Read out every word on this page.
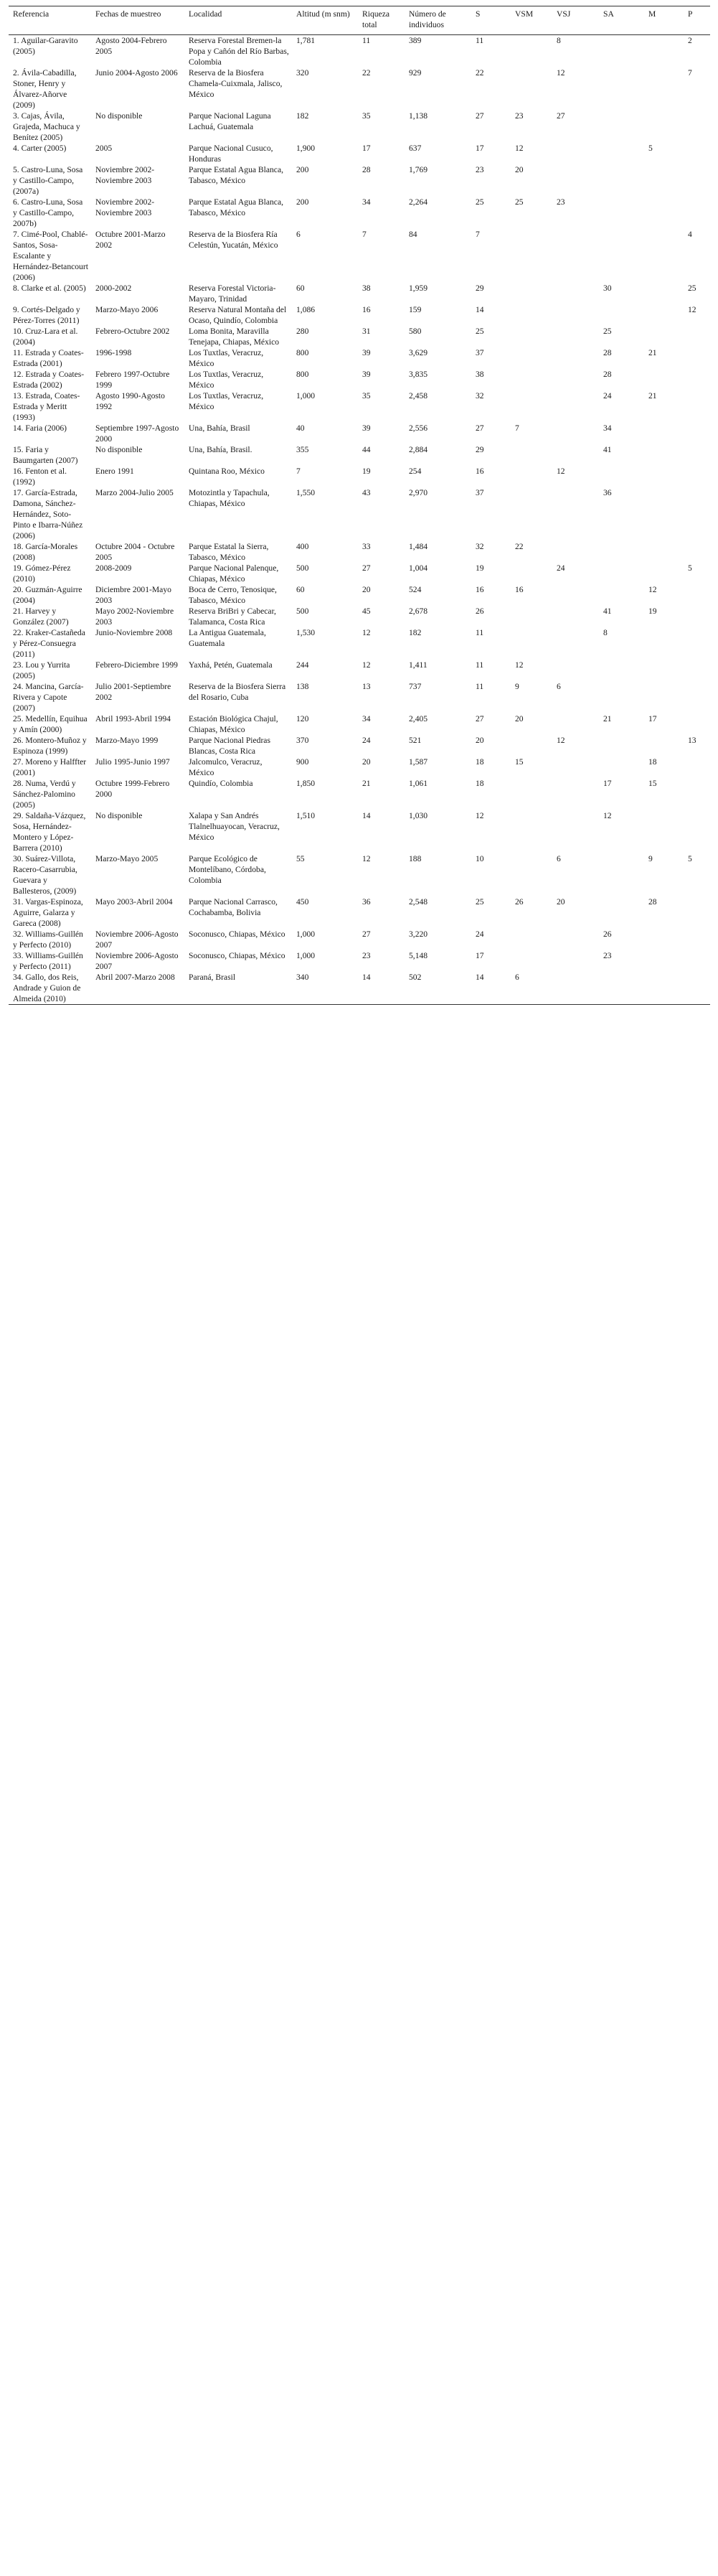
Referencia	Fechas de muestreo	Localidad	Altitud (m snm)	Riqueza total	Número de individuos	S	VSM	VSJ	SA	M	P
1. Aguilar-Garavito (2005)	Agosto 2004-Febrero 2005	Reserva Forestal Bremen-la Popa y Cañón del Río Barbas, Colombia	1,781	11	389	11		8			2
2. Ávila-Cabadilla, Stoner, Henry y Álvarez-Añorve (2009)	Junio 2004-Agosto 2006	Reserva de la Biosfera Chamela-Cuixmala, Jalisco, México	320	22	929	22		12			7
3. Cajas, Ávila, Grajeda, Machuca y Benítez (2005)	No disponible	Parque Nacional Laguna Lachuá, Guatemala	182	35	1,138	27	23	27			
4. Carter (2005)	2005	Parque Nacional Cusuco, Honduras	1,900	17	637	17	12			5	
5. Castro-Luna, Sosa y Castillo-Campo, (2007a)	Noviembre 2002-Noviembre 2003	Parque Estatal Agua Blanca, Tabasco, México	200	28	1,769	23	20				
6. Castro-Luna, Sosa y Castillo-Campo, 2007b)	Noviembre 2002-Noviembre 2003	Parque Estatal Agua Blanca, Tabasco, México	200	34	2,264	25	25	23			
7. Cimé-Pool, Chablé-Santos, Sosa-Escalante y Hernández-Betancourt (2006)	Octubre 2001-Marzo 2002	Reserva de la Biosfera Ría Celestún, Yucatán, México	6	7	84	7					4
8. Clarke et al. (2005)	2000-2002	Reserva Forestal Victoria-Mayaro, Trinidad	60	38	1,959	29			30		25
9. Cortés-Delgado y Pérez-Torres (2011)	Marzo-Mayo 2006	Reserva Natural Montaña del Ocaso, Quindío, Colombia	1,086	16	159	14					12
10. Cruz-Lara et al. (2004)	Febrero-Octubre 2002	Loma Bonita, Maravilla Tenejapa, Chiapas, México	280	31	580	25			25		
11. Estrada y Coates-Estrada (2001)	1996-1998	Los Tuxtlas, Veracruz, México	800	39	3,629	37			28	21	
12. Estrada y Coates-Estrada (2002)	Febrero 1997-Octubre 1999	Los Tuxtlas, Veracruz, México	800	39	3,835	38			28		
13. Estrada, Coates-Estrada y Meritt (1993)	Agosto 1990-Agosto 1992	Los Tuxtlas, Veracruz, México	1,000	35	2,458	32			24	21	
14. Faria (2006)	Septiembre 1997-Agosto 2000	Una, Bahía, Brasil	40	39	2,556	27	7		34		
15. Faria y Baumgarten (2007)	No disponible	Una, Bahía, Brasil.	355	44	2,884	29			41		
16. Fenton et al. (1992)	Enero 1991	Quintana Roo, México	7	19	254	16		12			
17. García-Estrada, Damona, Sánchez-Hernández, Soto-Pinto e Ibarra-Núñez (2006)	Marzo 2004-Julio 2005	Motozintla y Tapachula, Chiapas, México	1,550	43	2,970	37			36		
18. García-Morales (2008)	Octubre 2004 - Octubre 2005	Parque Estatal la Sierra, Tabasco, México	400	33	1,484	32	22				
19. Gómez-Pérez (2010)	2008-2009	Parque Nacional Palenque, Chiapas, México	500	27	1,004	19		24			5
20. Guzmán-Aguirre (2004)	Diciembre 2001-Mayo 2003	Boca de Cerro, Tenosique, Tabasco, México	60	20	524	16	16			12	
21. Harvey y González (2007)	Mayo 2002-Noviembre 2003	Reserva BriBri y Cabecar, Talamanca, Costa Rica	500	45	2,678	26			41	19	
22. Kraker-Castañeda y Pérez-Consuegra (2011)	Junio-Noviembre 2008	La Antigua Guatemala, Guatemala	1,530	12	182	11			8		
23. Lou y Yurrita (2005)	Febrero-Diciembre 1999	Yaxhá, Petén, Guatemala	244	12	1,411	11	12				
24. Mancina, García-Rivera y Capote (2007)	Julio 2001-Septiembre 2002	Reserva de la Biosfera Sierra del Rosario, Cuba	138	13	737	11	9	6			
25. Medellín, Equihua y Amín (2000)	Abril 1993-Abril 1994	Estación Biológica Chajul, Chiapas, México	120	34	2,405	27	20		21	17	
26. Montero-Muñoz y Espinoza (1999)	Marzo-Mayo 1999	Parque Nacional Piedras Blancas, Costa Rica	370	24	521	20		12			13
27. Moreno y Halffter (2001)	Julio 1995-Junio 1997	Jalcomulco, Veracruz, México	900	20	1,587	18	15			18	
28. Numa, Verdú y Sánchez-Palomino (2005)	Octubre 1999-Febrero 2000	Quindío, Colombia	1,850	21	1,061	18			17	15	
29. Saldaña-Vázquez, Sosa, Hernández-Montero y López-Barrera (2010)	No disponible	Xalapa y San Andrés Tlalnelhuayocan, Veracruz, México	1,510	14	1,030	12			12		
30. Suárez-Villota, Racero-Casarrubia, Guevara y Ballesteros, (2009)	Marzo-Mayo 2005	Parque Ecológico de Montelíbano, Córdoba, Colombia	55	12	188	10		6		9	5
31. Vargas-Espinoza, Aguirre, Galarza y Gareca (2008)	Mayo 2003-Abril 2004	Parque Nacional Carrasco, Cochabamba, Bolivia	450	36	2,548	25	26	20		28	
32. Williams-Guillén y Perfecto (2010)	Noviembre 2006-Agosto 2007	Soconusco, Chiapas, México	1,000	27	3,220	24			26		
33. Williams-Guillén y Perfecto (2011)	Noviembre 2006-Agosto 2007	Soconusco, Chiapas, México	1,000	23	5,148	17			23		
34. Gallo, dos Reis, Andrade y Guion de Almeida (2010)	Abril 2007-Marzo 2008	Paraná, Brasil	340	14	502	14	6				
